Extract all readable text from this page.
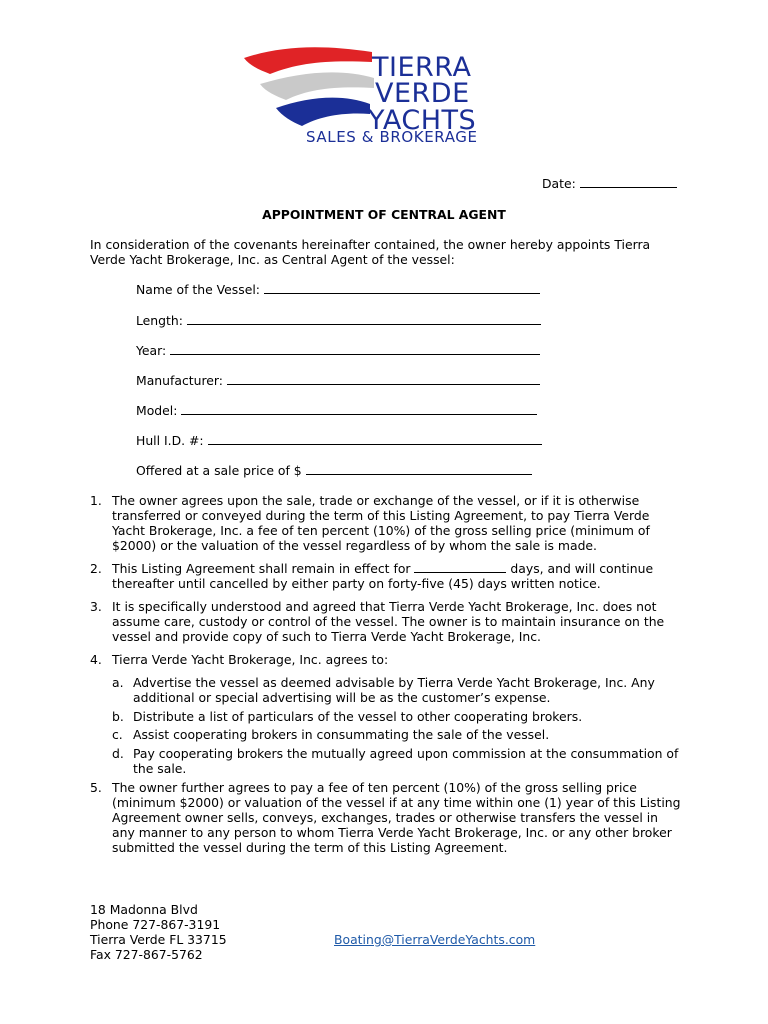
TIERRA
VERDE
YACHTS
SALES & BROKERAGE
Date:
APPOINTMENT OF CENTRAL AGENT
In consideration of the covenants hereinafter contained, the owner hereby appoints Tierra Verde Yacht Brokerage, Inc. as Central Agent of the vessel:
Name of the Vessel:
Length:
Year:
Manufacturer:
Model:
Hull I.D. #:
Offered at a sale price of $
1. The owner agrees upon the sale, trade or exchange of the vessel, or if it is otherwise transferred or conveyed during the term of this Listing Agreement, to pay Tierra Verde Yacht Brokerage, Inc. a fee of ten percent (10%) of the gross selling price (minimum of $2000) or the valuation of the vessel regardless of by whom the sale is made.
2. This Listing Agreement shall remain in effect for	days, and will continue thereafter until cancelled by either party on forty-five (45) days written notice.
3. It is specifically understood and agreed that Tierra Verde Yacht Brokerage, Inc. does not assume care, custody or control of the vessel. The owner is to maintain insurance on the vessel and provide copy of such to Tierra Verde Yacht Brokerage, Inc.
4. Tierra Verde Yacht Brokerage, Inc. agrees to:
a. Advertise the vessel as deemed advisable by Tierra Verde Yacht Brokerage, Inc. Any additional or special advertising will be as the customer’s expense.
b. Distribute a list of particulars of the vessel to other cooperating brokers.
c. Assist cooperating brokers in consummating the sale of the vessel.
d. Pay cooperating brokers the mutually agreed upon commission at the consummation of the sale.
5. The owner further agrees to pay a fee of ten percent (10%) of the gross selling price (minimum $2000) or valuation of the vessel if at any time within one (1) year of this Listing Agreement owner sells, conveys, exchanges, trades or otherwise transfers the vessel in any manner to any person to whom Tierra Verde Yacht Brokerage, Inc. or any other broker submitted the vessel during the term of this Listing Agreement.
18 Madonna Blvd
Phone 727-867-3191
Tierra Verde FL 33715
Fax 727-867-5762
Boating@TierraVerdeYachts.com
